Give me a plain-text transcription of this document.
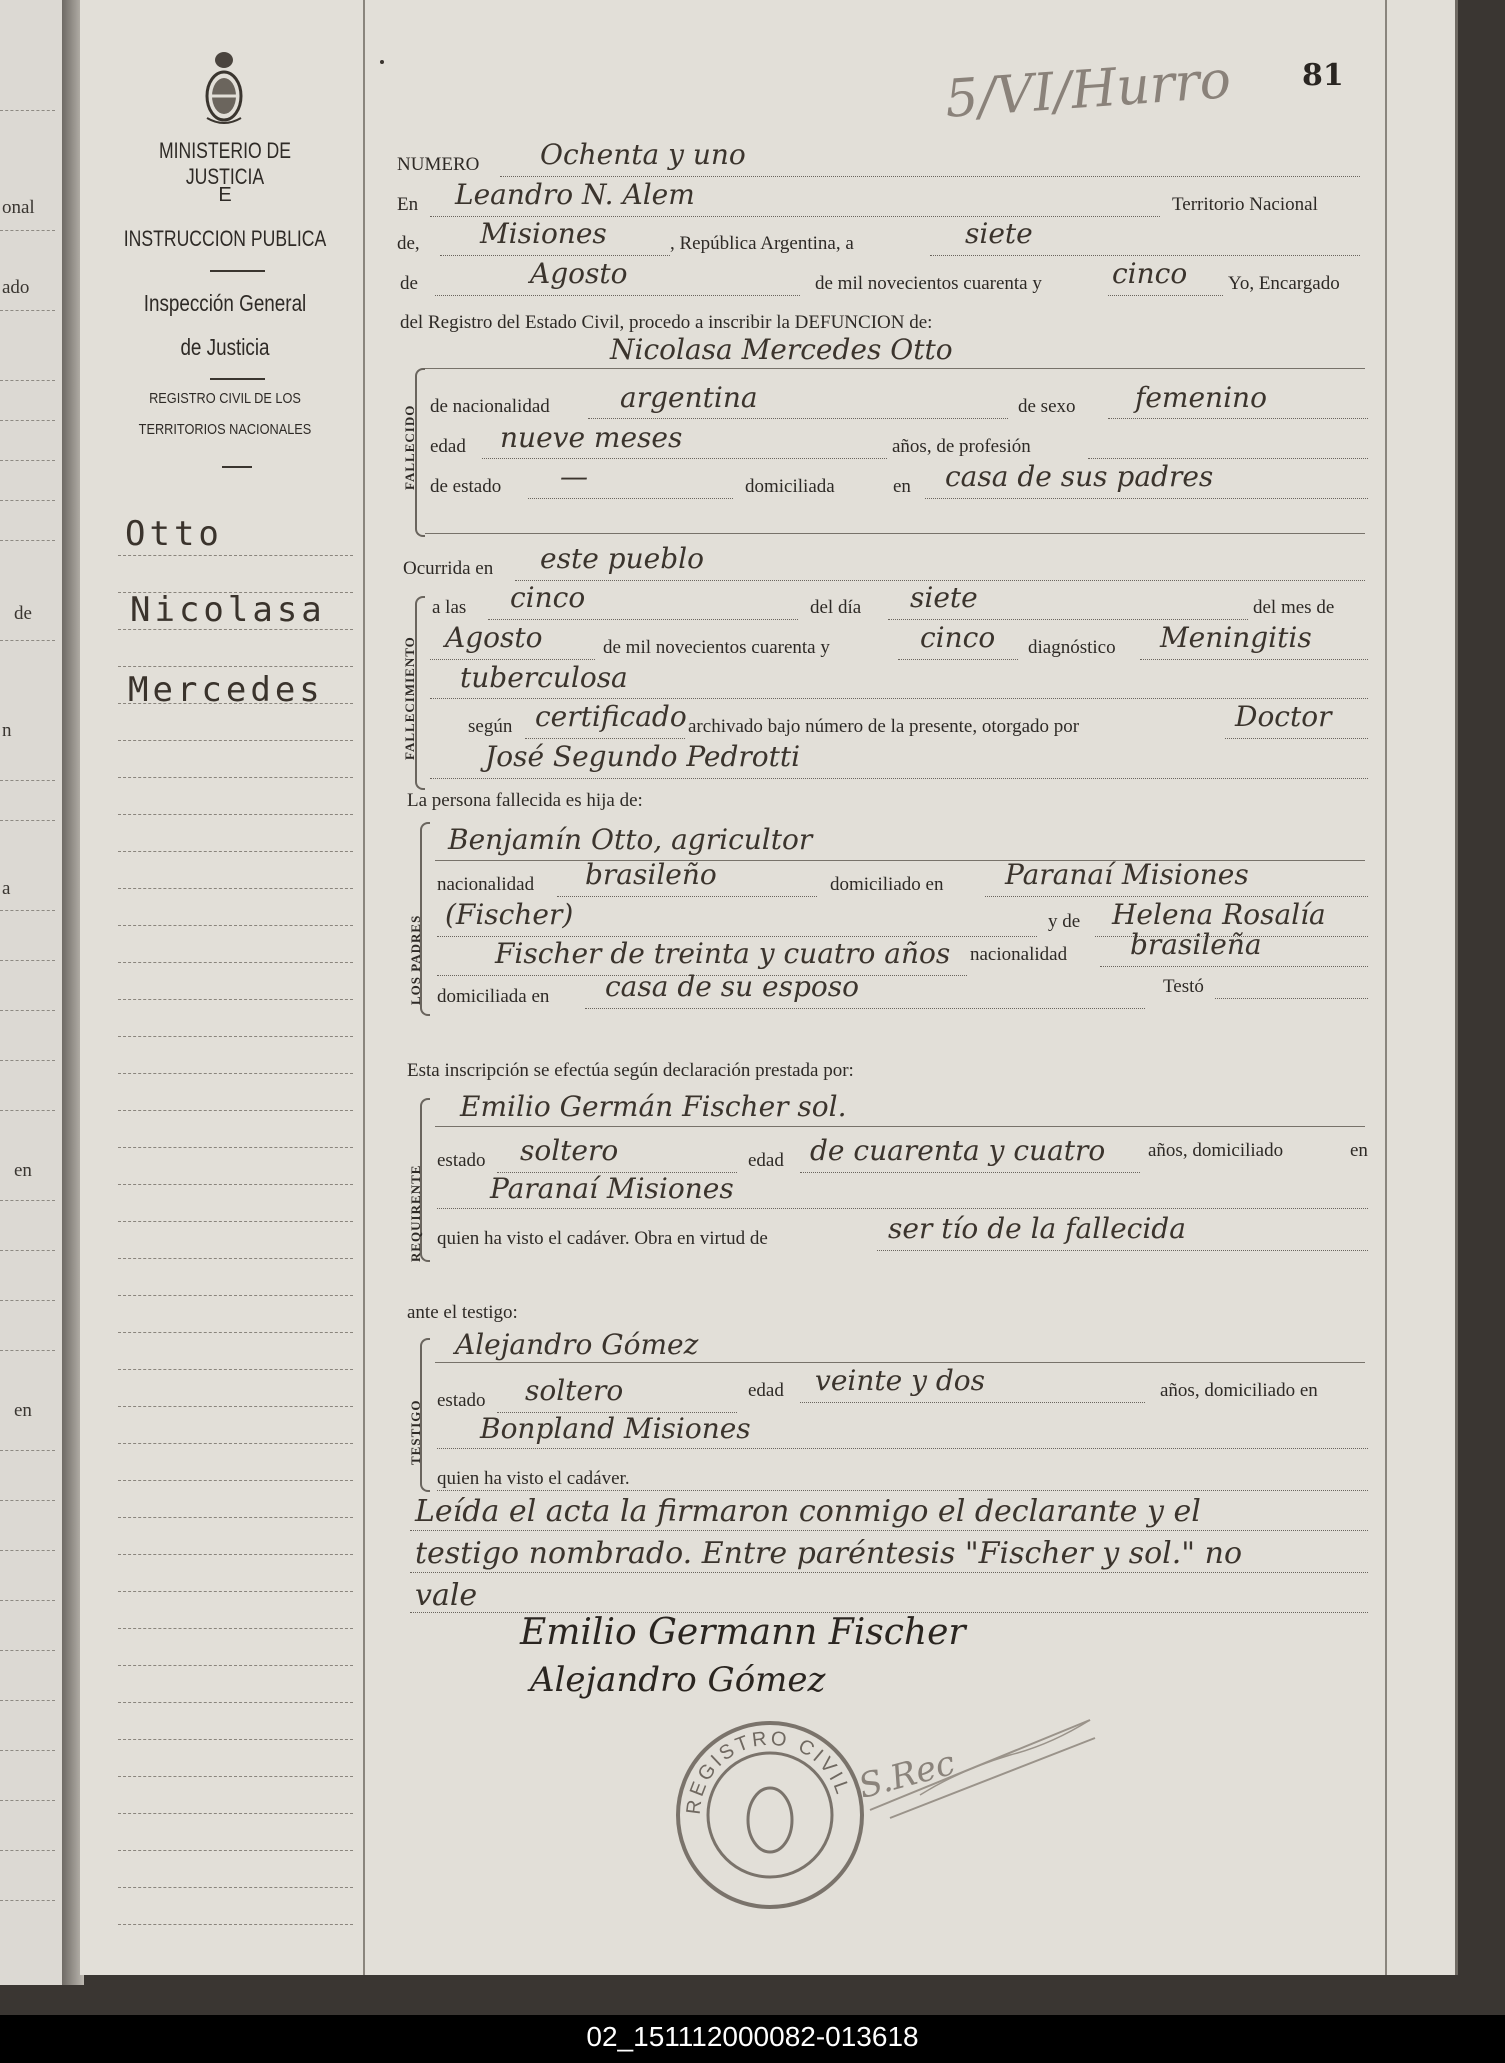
onal
ado
de
n
a
en
en
MINISTERIO DE JUSTICIA
E
INSTRUCCION PUBLICA
Inspección General
de Justicia
REGISTRO CIVIL DE LOS
TERRITORIOS NACIONALES
Otto
Nicolasa
Mercedes
81
5/VI/Hurro
NUMERO Ochenta y uno
En Leandro N. Alem	Territorio Nacional
de, Misiones	, República Argentina, a	siete
de	Agosto	de mil novecientos cuarenta y	cinco Yo, Encargado
del Registro del Estado Civil, procedo a inscribir la DEFUNCION de:
FALLECIDO
Nicolasa Mercedes Otto
de nacionalidad	argentina	de sexo femenino
edad nueve meses	años, de profesión
de estado —	domiciliada	en casa de sus padres
Ocurrida en este pueblo
FALLECIMIENTO
a las cinco	del día siete	del mes de
de mil novecientos cuarenta y
Agosto	cinco diagnóstico Meningitis
tuberculosa
según certificado archivado bajo número de la presente, otorgado por	Doctor
José Segundo Pedrotti
La persona fallecida es hija de:
LOS PADRES
Benjamín Otto, agricultor
nacionalidad brasileño	domiciliado en Paranaí Misiones
(Fischer)	y de Helena Rosalía
Fischer de treinta y cuatro años nacionalidad brasileña
domiciliada en casa de su esposo	Testó
Esta inscripción se efectúa según declaración prestada por:
REQUIRENTE
Emilio Germán Fischer sol.
estado soltero	edad de cuarenta y cuatro años, domiciliado	en
Paranaí Misiones
quien ha visto el cadáver. Obra en virtud de	ser tío de la fallecida
ante el testigo:
TESTIGO
Alejandro Gómez
estado soltero	edad veinte y dos	años, domiciliado en
Bonpland Misiones
quien ha visto el cadáver.
Leída el acta la firmaron conmigo el declarante y el
testigo nombrado. Entre paréntesis "Fischer y sol." no
vale
Emilio Germann Fischer
Alejandro Gómez
REGISTRO CIVIL S.Rec
02_151112000082-013618
